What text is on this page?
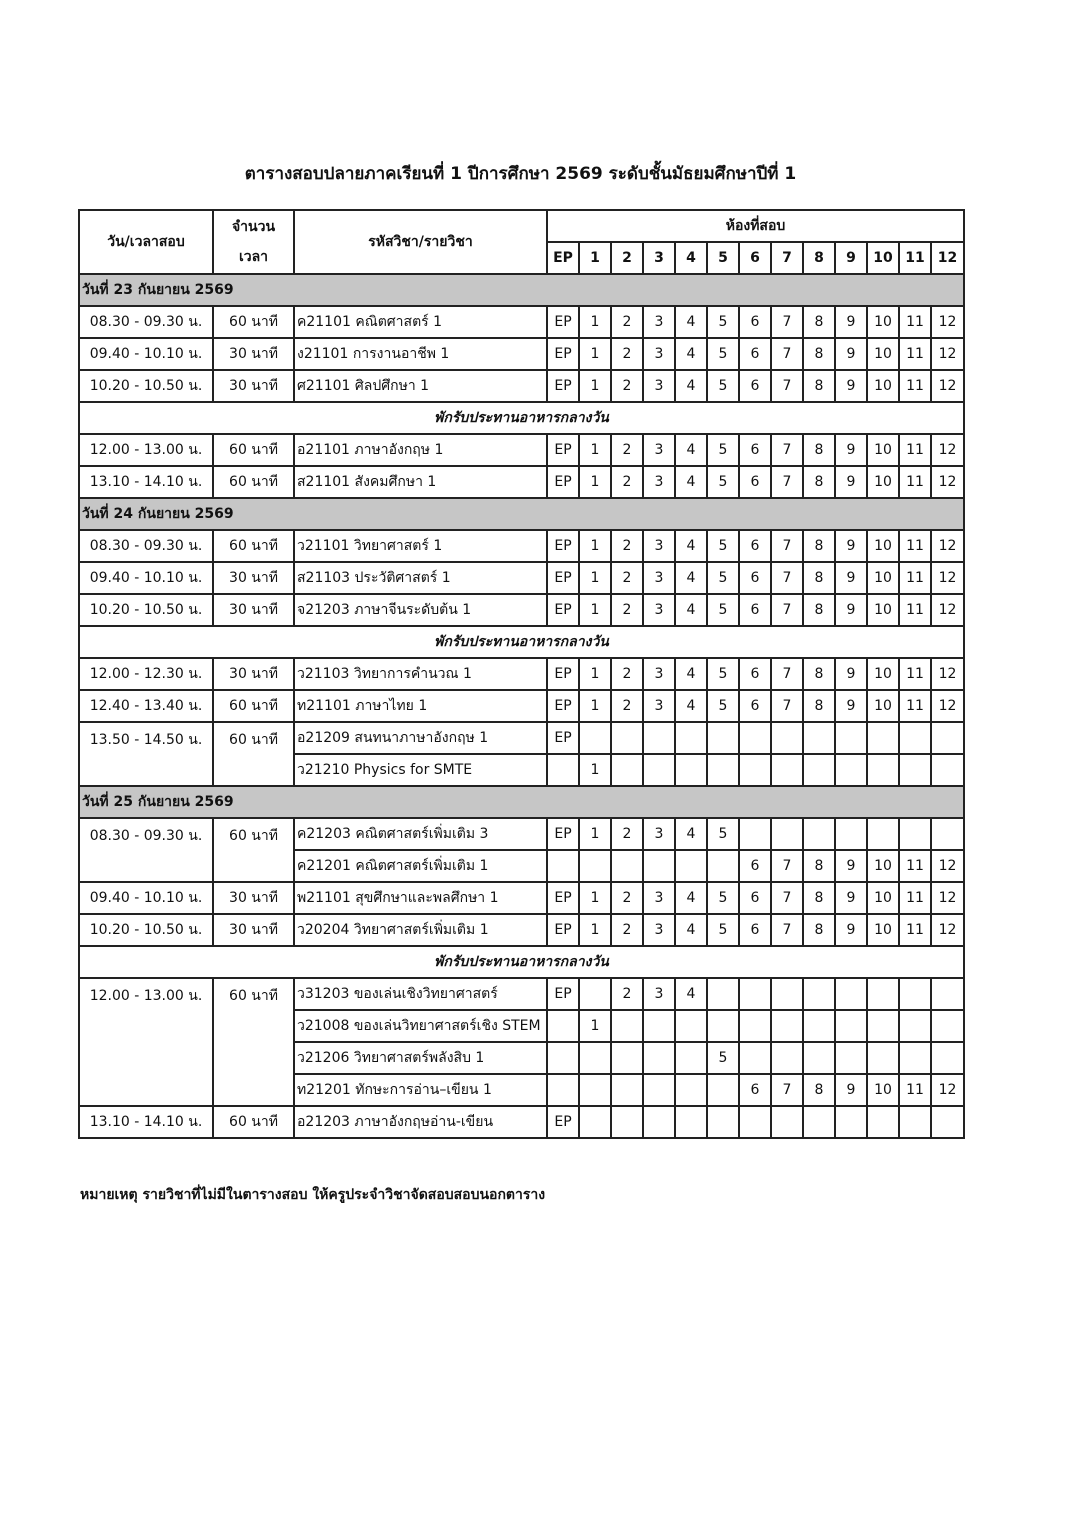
ตารางสอบปลายภาคเรียนที่ 1 ปีการศึกษา 2569 ระดับชั้นมัธยมศึกษาปีที่ 1
วัน/เวลาสอบ	จำนวน
เวลา	รหัสวิชา/รายวิชา	ห้องที่สอบ												
			EP	1	2	3	4	5	6	7	8	9	10	11	12
วันที่ 23 กันยายน 2569															
08.30 - 09.30 น.	60 นาที	ค21101 คณิตศาสตร์ 1	EP	1	2	3	4	5	6	7	8	9	10	11	12
09.40 - 10.10 น.	30 นาที	ง21101 การงานอาชีพ 1	EP	1	2	3	4	5	6	7	8	9	10	11	12
10.20 - 10.50 น.	30 นาที	ศ21101 ศิลปศึกษา 1	EP	1	2	3	4	5	6	7	8	9	10	11	12
พักรับประทานอาหารกลางวัน															
12.00 - 13.00 น.	60 นาที	อ21101 ภาษาอังกฤษ 1	EP	1	2	3	4	5	6	7	8	9	10	11	12
13.10 - 14.10 น.	60 นาที	ส21101 สังคมศึกษา 1	EP	1	2	3	4	5	6	7	8	9	10	11	12
วันที่ 24 กันยายน 2569															
08.30 - 09.30 น.	60 นาที	ว21101 วิทยาศาสตร์ 1	EP	1	2	3	4	5	6	7	8	9	10	11	12
09.40 - 10.10 น.	30 นาที	ส21103 ประวัติศาสตร์ 1	EP	1	2	3	4	5	6	7	8	9	10	11	12
10.20 - 10.50 น.	30 นาที	จ21203 ภาษาจีนระดับต้น 1	EP	1	2	3	4	5	6	7	8	9	10	11	12
พักรับประทานอาหารกลางวัน															
12.00 - 12.30 น.	30 นาที	ว21103 วิทยาการคำนวณ 1	EP	1	2	3	4	5	6	7	8	9	10	11	12
12.40 - 13.40 น.	60 นาที	ท21101 ภาษาไทย 1	EP	1	2	3	4	5	6	7	8	9	10	11	12
13.50 - 14.50 น.	60 นาที	อ21209 สนทนาภาษาอังกฤษ 1	EP												
		ว21210 Physics for SMTE		1											
วันที่ 25 กันยายน 2569															
08.30 - 09.30 น.	60 นาที	ค21203 คณิตศาสตร์เพิ่มเติม 3	EP	1	2	3	4	5							
		ค21201 คณิตศาสตร์เพิ่มเติม 1							6	7	8	9	10	11	12
09.40 - 10.10 น.	30 นาที	พ21101 สุขศึกษาและพลศึกษา 1	EP	1	2	3	4	5	6	7	8	9	10	11	12
10.20 - 10.50 น.	30 นาที	ว20204 วิทยาศาสตร์เพิ่มเติม 1	EP	1	2	3	4	5	6	7	8	9	10	11	12
พักรับประทานอาหารกลางวัน															
12.00 - 13.00 น.	60 นาที	ว31203 ของเล่นเชิงวิทยาศาสตร์	EP		2	3	4								
		ว21008 ของเล่นวิทยาศาสตร์เชิง STEM		1											
		ว21206 วิทยาศาสตร์พลังสิบ 1						5							
		ท21201 ทักษะการอ่าน–เขียน 1							6	7	8	9	10	11	12
13.10 - 14.10 น.	60 นาที	อ21203 ภาษาอังกฤษอ่าน-เขียน	EP												
หมายเหตุ รายวิชาที่ไม่มีในตารางสอบ ให้ครูประจำวิชาจัดสอบสอบนอกตาราง
